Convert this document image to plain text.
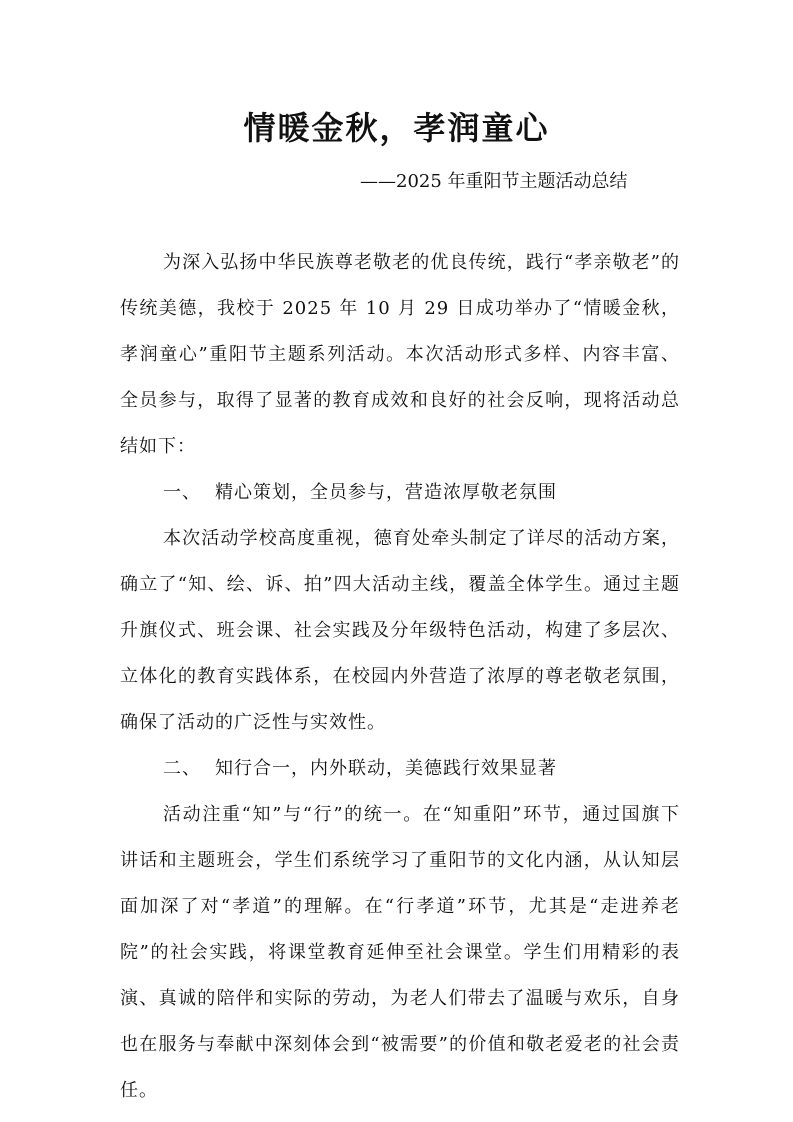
情暖金秋，孝润童心
——2025 年重阳节主题活动总结

为深入弘扬中华民族尊老敬老的优良传统，践行“孝亲敬老”的传统美德，我校于 2025 年 10 月 29 日成功举办了“情暖金秋，孝润童心”重阳节主题系列活动。本次活动形式多样、内容丰富、全员参与，取得了显著的教育成效和良好的社会反响，现将活动总结如下：

一、 精心策划，全员参与，营造浓厚敬老氛围

本次活动学校高度重视，德育处牵头制定了详尽的活动方案，确立了“知、绘、诉、拍”四大活动主线，覆盖全体学生。通过主题升旗仪式、班会课、社会实践及分年级特色活动，构建了多层次、立体化的教育实践体系，在校园内外营造了浓厚的尊老敬老氛围，确保了活动的广泛性与实效性。

二、 知行合一，内外联动，美德践行效果显著

活动注重“知”与“行”的统一。在“知重阳”环节，通过国旗下讲话和主题班会，学生们系统学习了重阳节的文化内涵，从认知层面加深了对“孝道”的理解。在“行孝道”环节，尤其是“走进养老院”的社会实践，将课堂教育延伸至社会课堂。学生们用精彩的表演、真诚的陪伴和实际的劳动，为老人们带去了温暖与欢乐，自身也在服务与奉献中深刻体会到“被需要”的价值和敬老爱老的社会责任。
